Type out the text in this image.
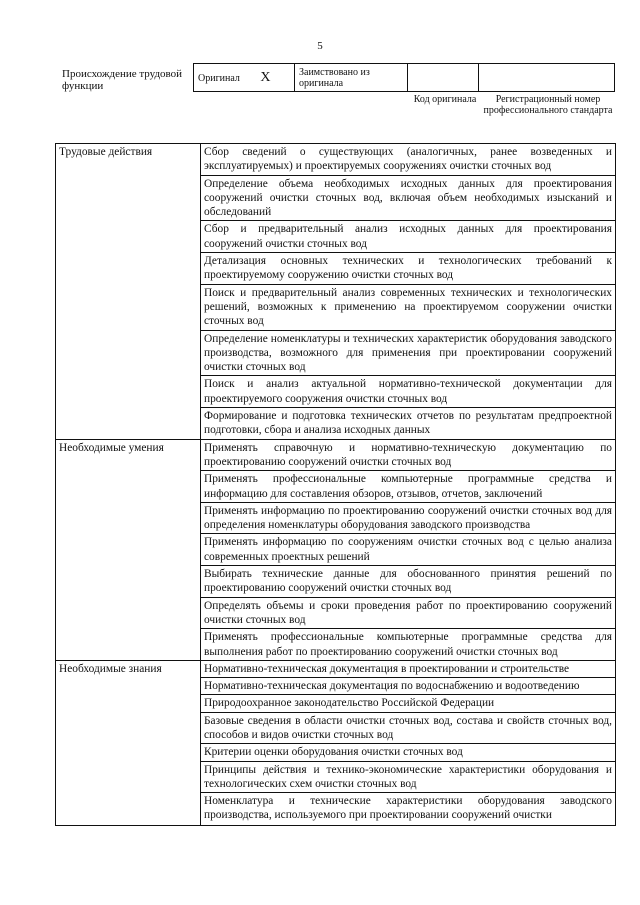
5
Происхождение трудовой функции
Оригинал X	Заимствовано из оригинала		
Код оригинала	Регистрационный номер профессионального стандарта
Трудовые действия	Сбор сведений о существующих (аналогичных, ранее возведенных и эксплуатируемых) и проектируемых сооружениях очистки сточных вод
	Определение объема необходимых исходных данных для проектирования сооружений очистки сточных вод, включая объем необходимых изысканий и обследований
	Сбор и предварительный анализ исходных данных для проектирования сооружений очистки сточных вод
	Детализация основных технических и технологических требований к проектируемому сооружению очистки сточных вод
	Поиск и предварительный анализ современных технических и технологических решений, возможных к применению на проектируемом сооружении очистки сточных вод
	Определение номенклатуры и технических характеристик оборудования заводского производства, возможного для применения при проектировании сооружений очистки сточных вод
	Поиск и анализ актуальной нормативно-технической документации для проектируемого сооружения очистки сточных вод
	Формирование и подготовка технических отчетов по результатам предпроектной подготовки, сбора и анализа исходных данных
Необходимые умения	Применять справочную и нормативно-техническую документацию по проектированию сооружений очистки сточных вод
	Применять профессиональные компьютерные программные средства и информацию для составления обзоров, отзывов, отчетов, заключений
	Применять информацию по проектированию сооружений очистки сточных вод для определения номенклатуры оборудования заводского производства
	Применять информацию по сооружениям очистки сточных вод с целью анализа современных проектных решений
	Выбирать технические данные для обоснованного принятия решений по проектированию сооружений очистки сточных вод
	Определять объемы и сроки проведения работ по проектированию сооружений очистки сточных вод
	Применять профессиональные компьютерные программные средства для выполнения работ по проектированию сооружений очистки сточных вод
Необходимые знания	Нормативно-техническая документация в проектировании и строительстве
	Нормативно-техническая документация по водоснабжению и водоотведению
	Природоохранное законодательство Российской Федерации
	Базовые сведения в области очистки сточных вод, состава и свойств сточных вод, способов и видов очистки сточных вод
	Критерии оценки оборудования очистки сточных вод
	Принципы действия и технико-экономические характеристики оборудования и технологических схем очистки сточных вод

	Номенклатура и технические характеристики оборудования заводского производства, используемого при проектировании сооружений очистки
